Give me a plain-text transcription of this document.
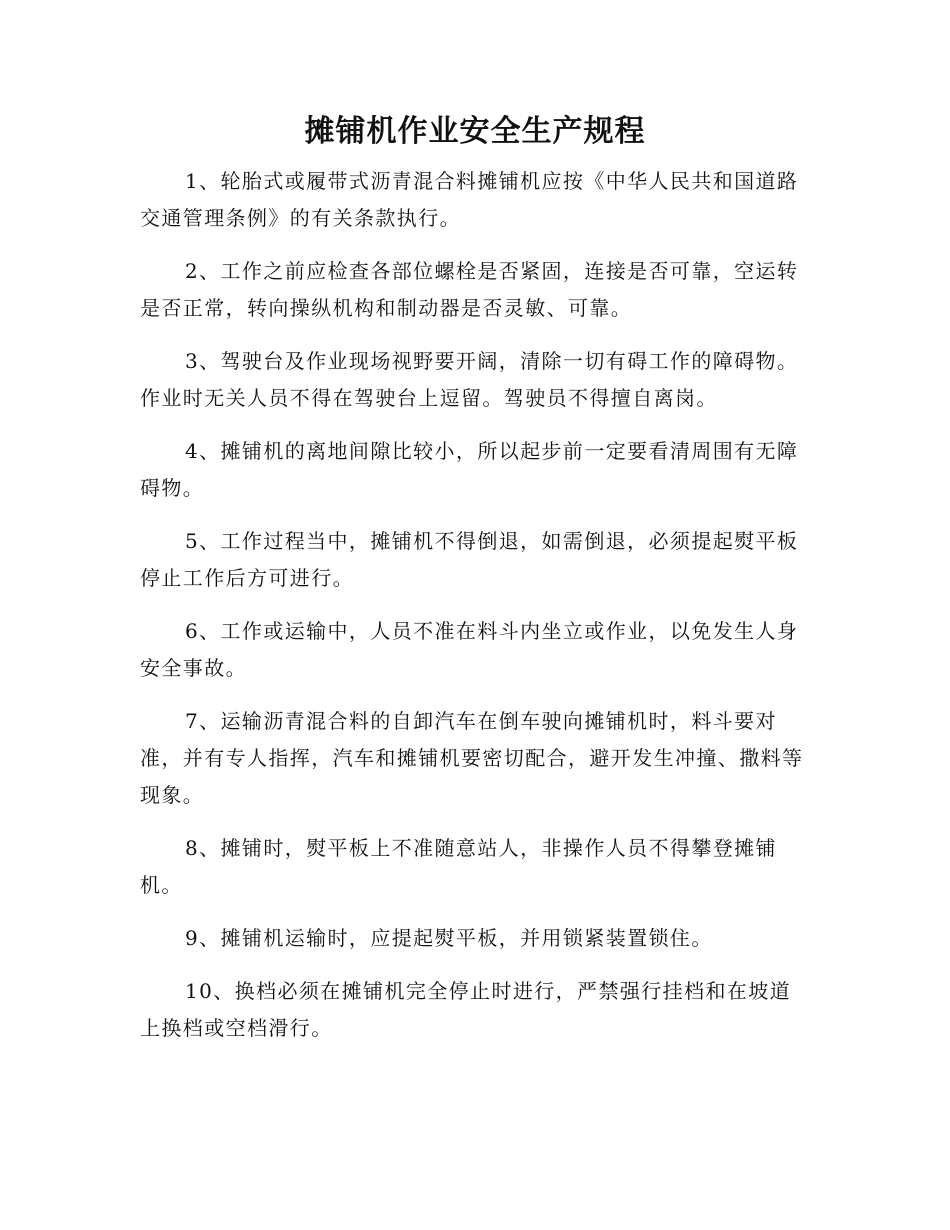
摊铺机作业安全生产规程

1、轮胎式或履带式沥青混合料摊铺机应按《中华人民共和国道路交通管理条例》的有关条款执行。

2、工作之前应检查各部位螺栓是否紧固，连接是否可靠，空运转是否正常，转向操纵机构和制动器是否灵敏、可靠。

3、驾驶台及作业现场视野要开阔，清除一切有碍工作的障碍物。作业时无关人员不得在驾驶台上逗留。驾驶员不得擅自离岗。

4、摊铺机的离地间隙比较小，所以起步前一定要看清周围有无障碍物。

5、工作过程当中，摊铺机不得倒退，如需倒退，必须提起熨平板停止工作后方可进行。

6、工作或运输中，人员不准在料斗内坐立或作业，以免发生人身安全事故。

7、运输沥青混合料的自卸汽车在倒车驶向摊铺机时，料斗要对准，并有专人指挥，汽车和摊铺机要密切配合，避开发生冲撞、撒料等现象。

8、摊铺时，熨平板上不准随意站人，非操作人员不得攀登摊铺机。

9、摊铺机运输时，应提起熨平板，并用锁紧装置锁住。

10、换档必须在摊铺机完全停止时进行，严禁强行挂档和在坡道上换档或空档滑行。
